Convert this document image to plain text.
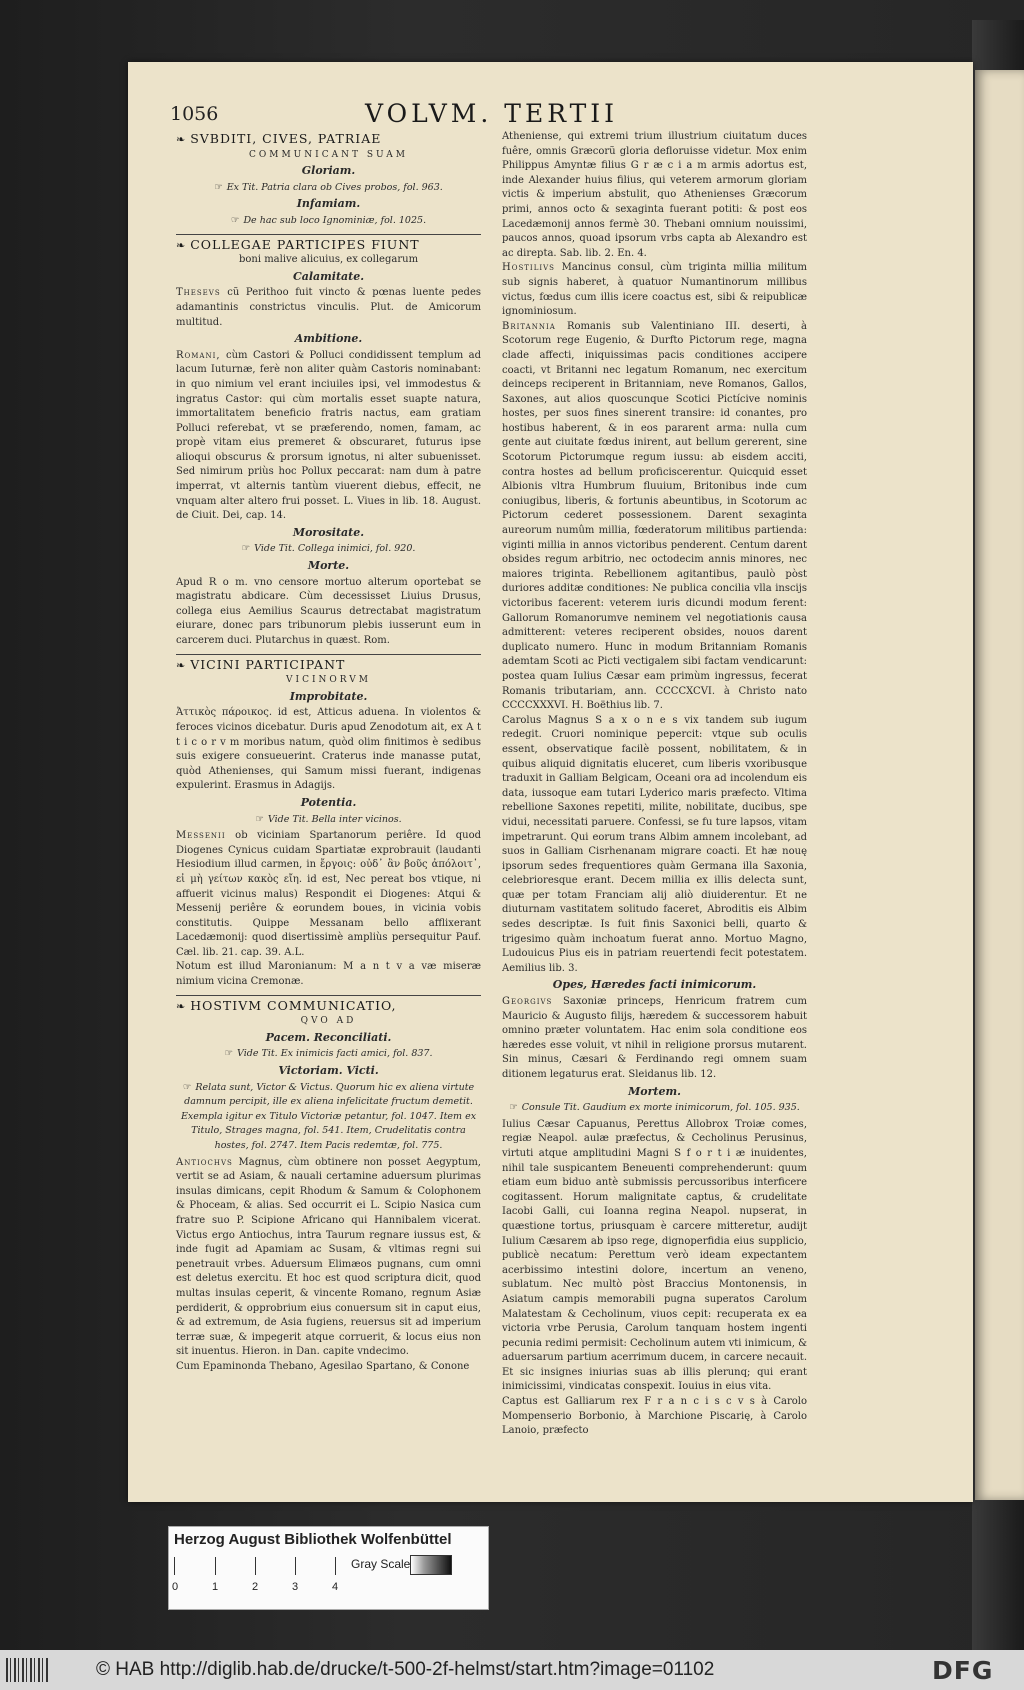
1056	VOLVM. TERTII
❧ SVBDITI, CIVES, PATRIAE
COMMUNICANT SUAM
Gloriam.
☞ Ex Tit. Patria clara ob Cives probos, fol. 963.
Infamiam.
☞ De hac sub loco Ignominiæ, fol. 1025.
❧ COLLEGAE PARTICIPES FIUNT
boni malive alicuius, ex collegarum
Calamitate.

Thesevs cũ Perithoo fuit vincto & pœnas luente pedes adamantinis constrictus vinculis. Plut. de Amicorum multitud.

Ambitione.

Romani, cùm Castori & Polluci condidissent templum ad lacum Iuturnæ, ferè non aliter quàm Castoris nominabant: in quo nimium vel erant inciuiles ipsi, vel immodestus & ingratus Castor: qui cùm mortalis esset suapte natura, immortalitatem beneficio fratris nactus, eam gratiam Polluci referebat, vt se præferendo, nomen, famam, ac propè vitam eius premeret & obscuraret, futurus ipse alioqui obscurus & prorsum ignotus, ni alter subuenisset. Sed nimirum priùs hoc Pollux peccarat: nam dum à patre imperrat, vt alternis tantùm viuerent diebus, effecit, ne vnquam alter altero frui posset. L. Viues in lib. 18. August. de Ciuit. Dei, cap. 14.

Morositate.
☞ Vide Tit. Collega inimici, fol. 920.
Morte.

Apud R o m. vno censore mortuo alterum oportebat se magistratu abdicare. Cùm decessisset Liuius Drusus, collega eius Aemilius Scaurus detrectabat magistratum eiurare, donec pars tribunorum plebis iusserunt eum in carcerem duci. Plutarchus in quæst. Rom.

❧ VICINI PARTICIPANT
VICINORVM
Improbitate.

Ἀττικὸς πάροικος. id est, Atticus aduena. In violentos & feroces vicinos dicebatur. Duris apud Zenodotum ait, ex A t t i c o r v m moribus natum, quòd olim finitimos è sedibus suis exigere consueuerint. Craterus inde manasse putat, quòd Athenienses, qui Samum missi fuerant, indigenas expulerint. Erasmus in Adagijs.

Potentia.
☞ Vide Tit. Bella inter vicinos.

Messenii ob viciniam Spartanorum periêre. Id quod Diogenes Cynicus cuidam Spartiatæ exprobrauit (laudanti Hesiodium illud carmen, in ἔργοις: οὐδ᾽ ἂν βοῦς ἀπόλοιτ᾽, εἰ μὴ γείτων κακὸς εἴη. id est, Nec pereat bos vtique, ni affuerit vicinus malus) Respondit ei Diogenes: Atqui & Messenij periêre & eorundem boues, in vicinia vobis constitutis. Quippe Messanam bello afflixerant Lacedæmonij: quod disertissimè ampliùs persequitur Pauf. Cæl. lib. 21. cap. 39. A.L.

Notum est illud Maronianum: M a n t v a væ miseræ nimium vicina Cremonæ.

❧ HOSTIVM COMMUNICATIO,
QVO AD
Pacem. Reconciliati.
☞ Vide Tit. Ex inimicis facti amici, fol. 837.
Victoriam. Victi.
☞ Relata sunt, Victor & Victus. Quorum hic ex aliena virtute damnum percipit, ille ex aliena infelicitate fructum demetit. Exempla igitur ex Titulo Victoriæ petantur, fol. 1047. Item ex Titulo, Strages magna, fol. 541. Item, Crudelitatis contra hostes, fol. 2747. Item Pacis redemtæ, fol. 775.

Antiochvs Magnus, cùm obtinere non posset Aegyptum, vertit se ad Asiam, & nauali certamine aduersum plurimas insulas dimicans, cepit Rhodum & Samum & Colophonem & Phoceam, & alias. Sed occurrit ei L. Scipio Nasica cum fratre suo P. Scipione Africano qui Hannibalem vicerat. Victus ergo Antiochus, intra Taurum regnare iussus est, & inde fugit ad Apamiam ac Susam, & vltimas regni sui penetrauit vrbes. Aduersum Elimæos pugnans, cum omni est deletus exercitu. Et hoc est quod scriptura dicit, quod multas insulas ceperit, & vincente Romano, regnum Asiæ perdiderit, & opprobrium eius conuersum sit in caput eius, & ad extremum, de Asia fugiens, reuersus sit ad imperium terræ suæ, & impegerit atque corruerit, & locus eius non sit inuentus. Hieron. in Dan. capite vndecimo.

Cum Epaminonda Thebano, Agesilao Spartano, & Conone

Atheniense, qui extremi trium illustrium ciuitatum duces fuêre, omnis Græcorũ gloria defloruisse videtur. Mox enim Philippus Amyntæ filius G r æ c i a m armis adortus est, inde Alexander huius filius, qui veterem armorum gloriam victis & imperium abstulit, quo Athenienses Græcorum primi, annos octo & sexaginta fuerant potiti: & post eos Lacedæmonij annos fermè 30. Thebani omnium nouissimi, paucos annos, quoad ipsorum vrbs capta ab Alexandro est ac direpta. Sab. lib. 2. En. 4.

Hostilivs Mancinus consul, cùm triginta millia militum sub signis haberet, à quatuor Numantinorum millibus victus, fœdus cum illis icere coactus est, sibi & reipublicæ ignominiosum.

Britannia Romanis sub Valentiniano III. deserti, à Scotorum rege Eugenio, & Durfto Pictorum rege, magna clade affecti, iniquissimas pacis conditiones accipere coacti, vt Britanni nec legatum Romanum, nec exercitum deinceps reciperent in Britanniam, neve Romanos, Gallos, Saxones, aut alios quoscunque Scotici Pictícive nominis hostes, per suos fines sinerent transire: id conantes, pro hostibus haberent, & in eos pararent arma: nulla cum gente aut ciuitate fœdus inirent, aut bellum gererent, sine Scotorum Pictorumque regum iussu: ab eisdem acciti, contra hostes ad bellum proficiscerentur. Quicquid esset Albionis vltra Humbrum fluuium, Britonibus inde cum coniugibus, liberis, & fortunis abeuntibus, in Scotorum ac Pictorum cederet possessionem. Darent sexaginta aureorum numûm millia, fœderatorum militibus partienda: viginti millia in annos victoribus penderent. Centum darent obsides regum arbitrio, nec octodecim annis minores, nec maiores triginta. Rebellionem agitantibus, paulò pòst duriores additæ conditiones: Ne publica concilia vlla inscijs victoribus facerent: veterem iuris dicundi modum ferent: Gallorum Romanorumve neminem vel negotiationis causa admitterent: veteres reciperent obsides, nouos darent duplicato numero. Hunc in modum Britanniam Romanis ademtam Scoti ac Picti vectigalem sibi factam vendicarunt: postea quam Iulius Cæsar eam primùm ingressus, fecerat Romanis tributariam, ann. CCCCXCVI. à Christo nato CCCCXXXVI. H. Boëthius lib. 7.

Carolus Magnus S a x o n e s vix tandem sub iugum redegit. Cruori nominique pepercit: vtque sub oculis essent, observatique facilè possent, nobilitatem, & in quibus aliquid dignitatis eluceret, cum liberis vxoribusque traduxit in Galliam Belgicam, Oceani ora ad incolendum eis data, iussoque eam tutari Lyderico maris præfecto. Vltima rebellione Saxones repetiti, milite, nobilitate, ducibus, spe vidui, necessitati paruere. Confessi, se fu ture lapsos, vitam impetrarunt. Qui eorum trans Albim amnem incolebant, ad suos in Galliam Cisrhenanam migrare coacti. Et hæ nouę ipsorum sedes frequentiores quàm Germana illa Saxonia, celebrioresque erant. Decem millia ex illis delecta sunt, quæ per totam Franciam alij aliò diuiderentur. Et ne diuturnam vastitatem solitudo faceret, Abroditis eis Albim sedes descriptæ. Is fuit finis Saxonici belli, quarto & trigesimo quàm inchoatum fuerat anno. Mortuo Magno, Ludouicus Pius eis in patriam reuertendi fecit potestatem. Aemilius lib. 3.

Opes, Hæredes facti inimicorum.

Georgivs Saxoniæ princeps, Henricum fratrem cum Mauricio & Augusto filijs, hæredem & successorem habuit omnino præter voluntatem. Hac enim sola conditione eos hæredes esse voluit, vt nihil in religione prorsus mutarent. Sin minus, Cæsari & Ferdinando regi omnem suam ditionem legaturus erat. Sleidanus lib. 12.

Mortem.
☞ Consule Tit. Gaudium ex morte inimicorum, fol. 105. 935.

Iulius Cæsar Capuanus, Perettus Allobrox Troiæ comes, regiæ Neapol. aulæ præfectus, & Cecholinus Perusinus, virtuti atque amplitudini Magni S f o r t i æ inuidentes, nihil tale suspicantem Beneuenti comprehenderunt: quum etiam eum biduo antè submissis percussoribus interficere cogitassent. Horum malignitate captus, & crudelitate Iacobi Galli, cui Ioanna regina Neapol. nupserat, in quæstione tortus, priusquam è carcere mitteretur, audijt Iulium Cæsarem ab ipso rege, dignoperfidia eius supplicio, publicè necatum: Perettum verò ideam expectantem acerbissimo intestini dolore, incertum an veneno, sublatum. Nec multò pòst Braccius Montonensis, in Asiatum campis memorabili pugna superatos Carolum Malatestam & Cecholinum, viuos cepit: recuperata ex ea victoria vrbe Perusia, Carolum tanquam hostem ingenti pecunia redimi permisit: Cecholinum autem vti inimicum, & aduersarum partium acerrimum ducem, in carcere necauit. Et sic insignes iniurias suas ab illis plerunq; qui erant inimicissimi, vindicatas conspexit. Iouius in eius vita.

Captus est Galliarum rex F r a n c i s c v s à Carolo Mompenserio Borbonio, à Marchione Piscarię, à Carolo Lanoio, præfecto

Herzog August Bibliothek Wolfenbüttel
0	1	2	3	4
Gray Scale
© HAB http://diglib.hab.de/drucke/t-500-2f-helmst/start.htm?image=01102	DFG
